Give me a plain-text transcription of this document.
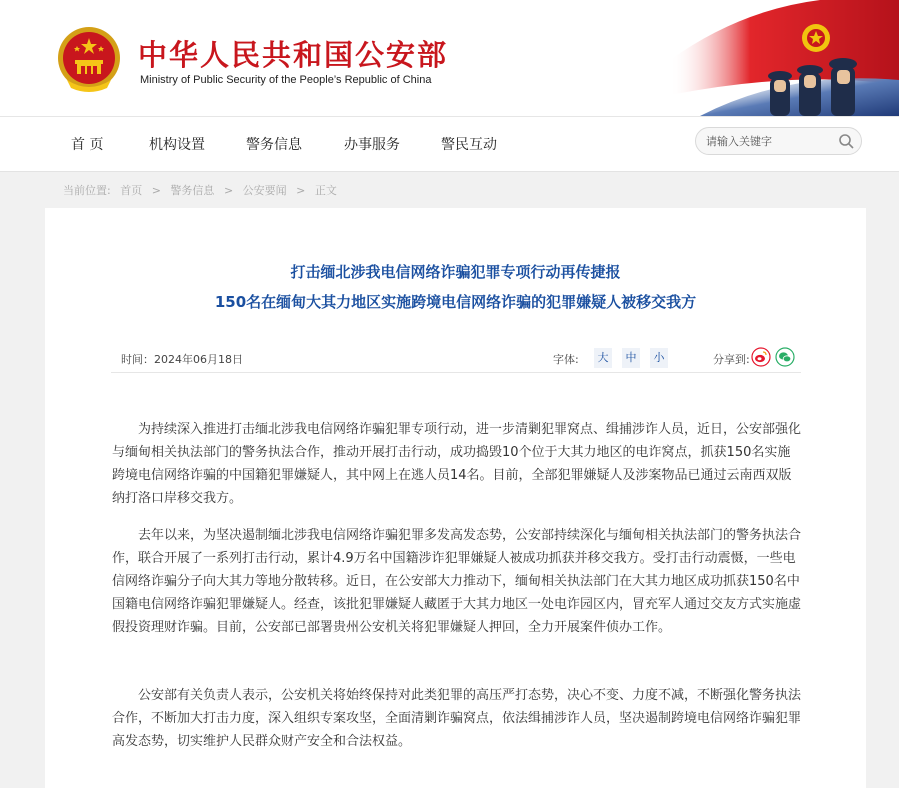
中华人民共和国公安部
Ministry of Public Security of the People’s Republic of China
首 页	机构设置	警务信息	办事服务	警民互动
请输入关键字
当前位置: 首页 > 警务信息 > 公安要闻 > 正文
打击缅北涉我电信网络诈骗犯罪专项行动再传捷报
150名在缅甸大其力地区实施跨境电信网络诈骗的犯罪嫌疑人被移交我方
时间：2024年06月18日	字体:	大	中	小	分享到:
为持续深入推进打击缅北涉我电信网络诈骗犯罪专项行动，进一步清剿犯罪窝点、缉捕涉诈人员，近日，公安部强化与缅甸相关执法部门的警务执法合作，推动开展打击行动，成功捣毁10个位于大其力地区的电诈窝点，抓获150名实施跨境电信网络诈骗的中国籍犯罪嫌疑人，其中网上在逃人员14名。目前，全部犯罪嫌疑人及涉案物品已通过云南西双版纳打洛口岸移交我方。
去年以来，为坚决遏制缅北涉我电信网络诈骗犯罪多发高发态势，公安部持续深化与缅甸相关执法部门的警务执法合作，联合开展了一系列打击行动，累计4.9万名中国籍涉诈犯罪嫌疑人被成功抓获并移交我方。受打击行动震慑，一些电信网络诈骗分子向大其力等地分散转移。近日，在公安部大力推动下，缅甸相关执法部门在大其力地区成功抓获150名中国籍电信网络诈骗犯罪嫌疑人。经查，该批犯罪嫌疑人藏匿于大其力地区一处电诈园区内，冒充军人通过交友方式实施虚假投资理财诈骗。目前，公安部已部署贵州公安机关将犯罪嫌疑人押回，全力开展案件侦办工作。
公安部有关负责人表示，公安机关将始终保持对此类犯罪的高压严打态势，决心不变、力度不减，不断强化警务执法合作，不断加大打击力度，深入组织专案攻坚，全面清剿诈骗窝点，依法缉捕涉诈人员，坚决遏制跨境电信网络诈骗犯罪高发态势，切实维护人民群众财产安全和合法权益。
